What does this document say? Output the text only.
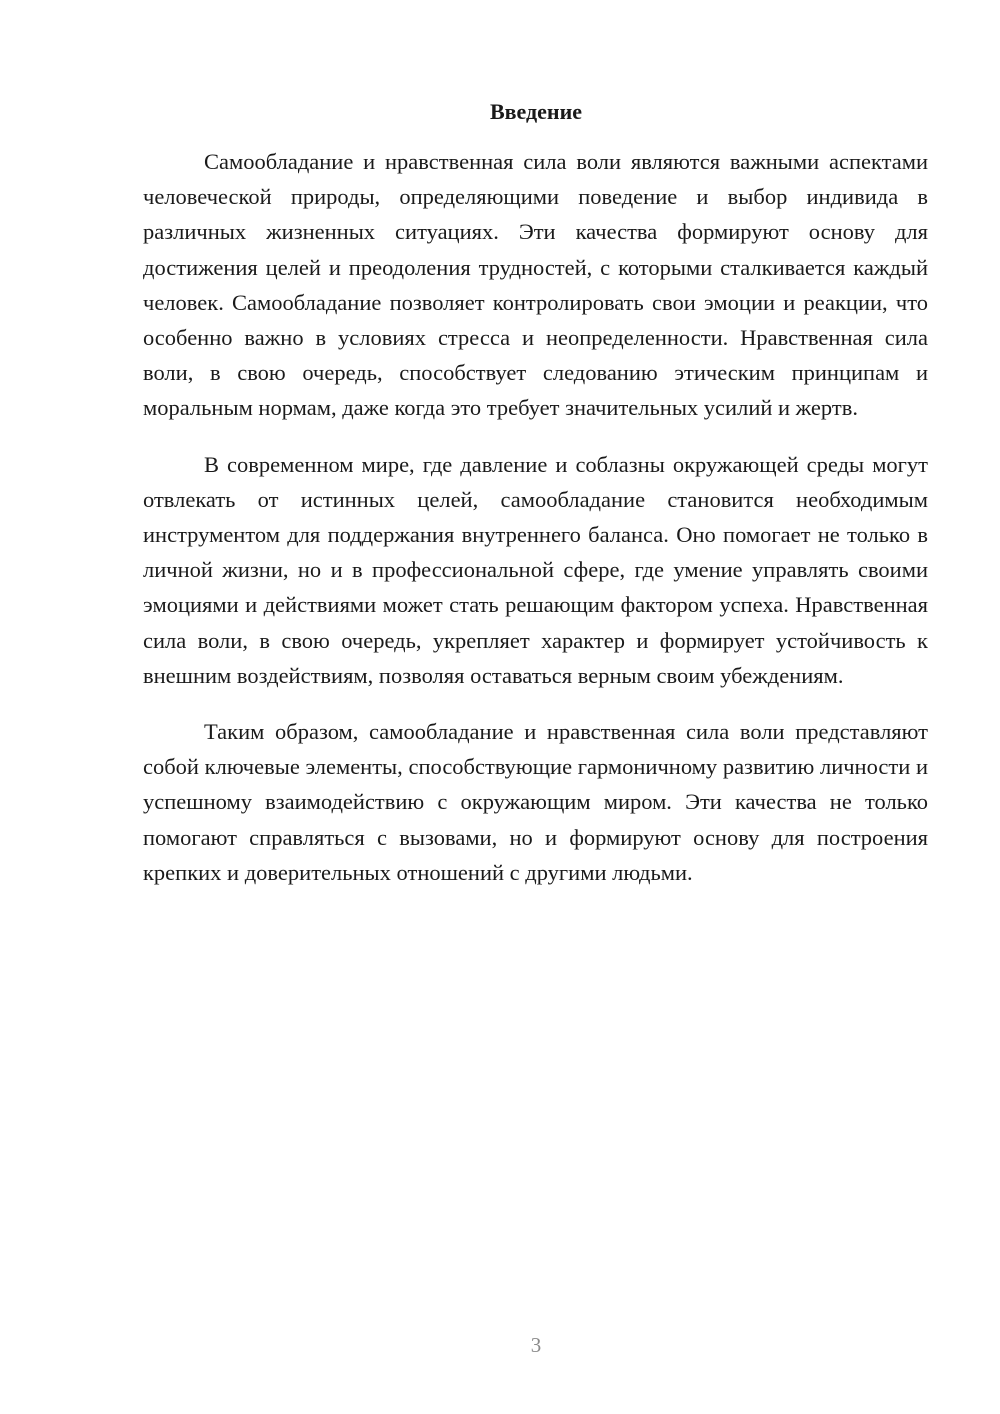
Введение

Самообладание и нравственная сила воли являются важными аспектами человеческой природы, определяющими поведение и выбор индивида в различных жизненных ситуациях. Эти качества формируют основу для достижения целей и преодоления трудностей, с которыми сталкивается каждый человек. Самообладание позволяет контролировать свои эмоции и реакции, что особенно важно в условиях стресса и неопределенности. Нравственная сила воли, в свою очередь, способствует следованию этическим принципам и моральным нормам, даже когда это требует значительных усилий и жертв.

В современном мире, где давление и соблазны окружающей среды могут отвлекать от истинных целей, самообладание становится необходимым инструментом для поддержания внутреннего баланса. Оно помогает не только в личной жизни, но и в профессиональной сфере, где умение управлять своими эмоциями и действиями может стать решающим фактором успеха. Нравственная сила воли, в свою очередь, укрепляет характер и формирует устойчивость к внешним воздействиям, позволяя оставаться верным своим убеждениям.

Таким образом, самообладание и нравственная сила воли представляют собой ключевые элементы, способствующие гармоничному развитию личности и успешному взаимодействию с окружающим миром. Эти качества не только помогают справляться с вызовами, но и формируют основу для построения крепких и доверительных отношений с другими людьми.

3
